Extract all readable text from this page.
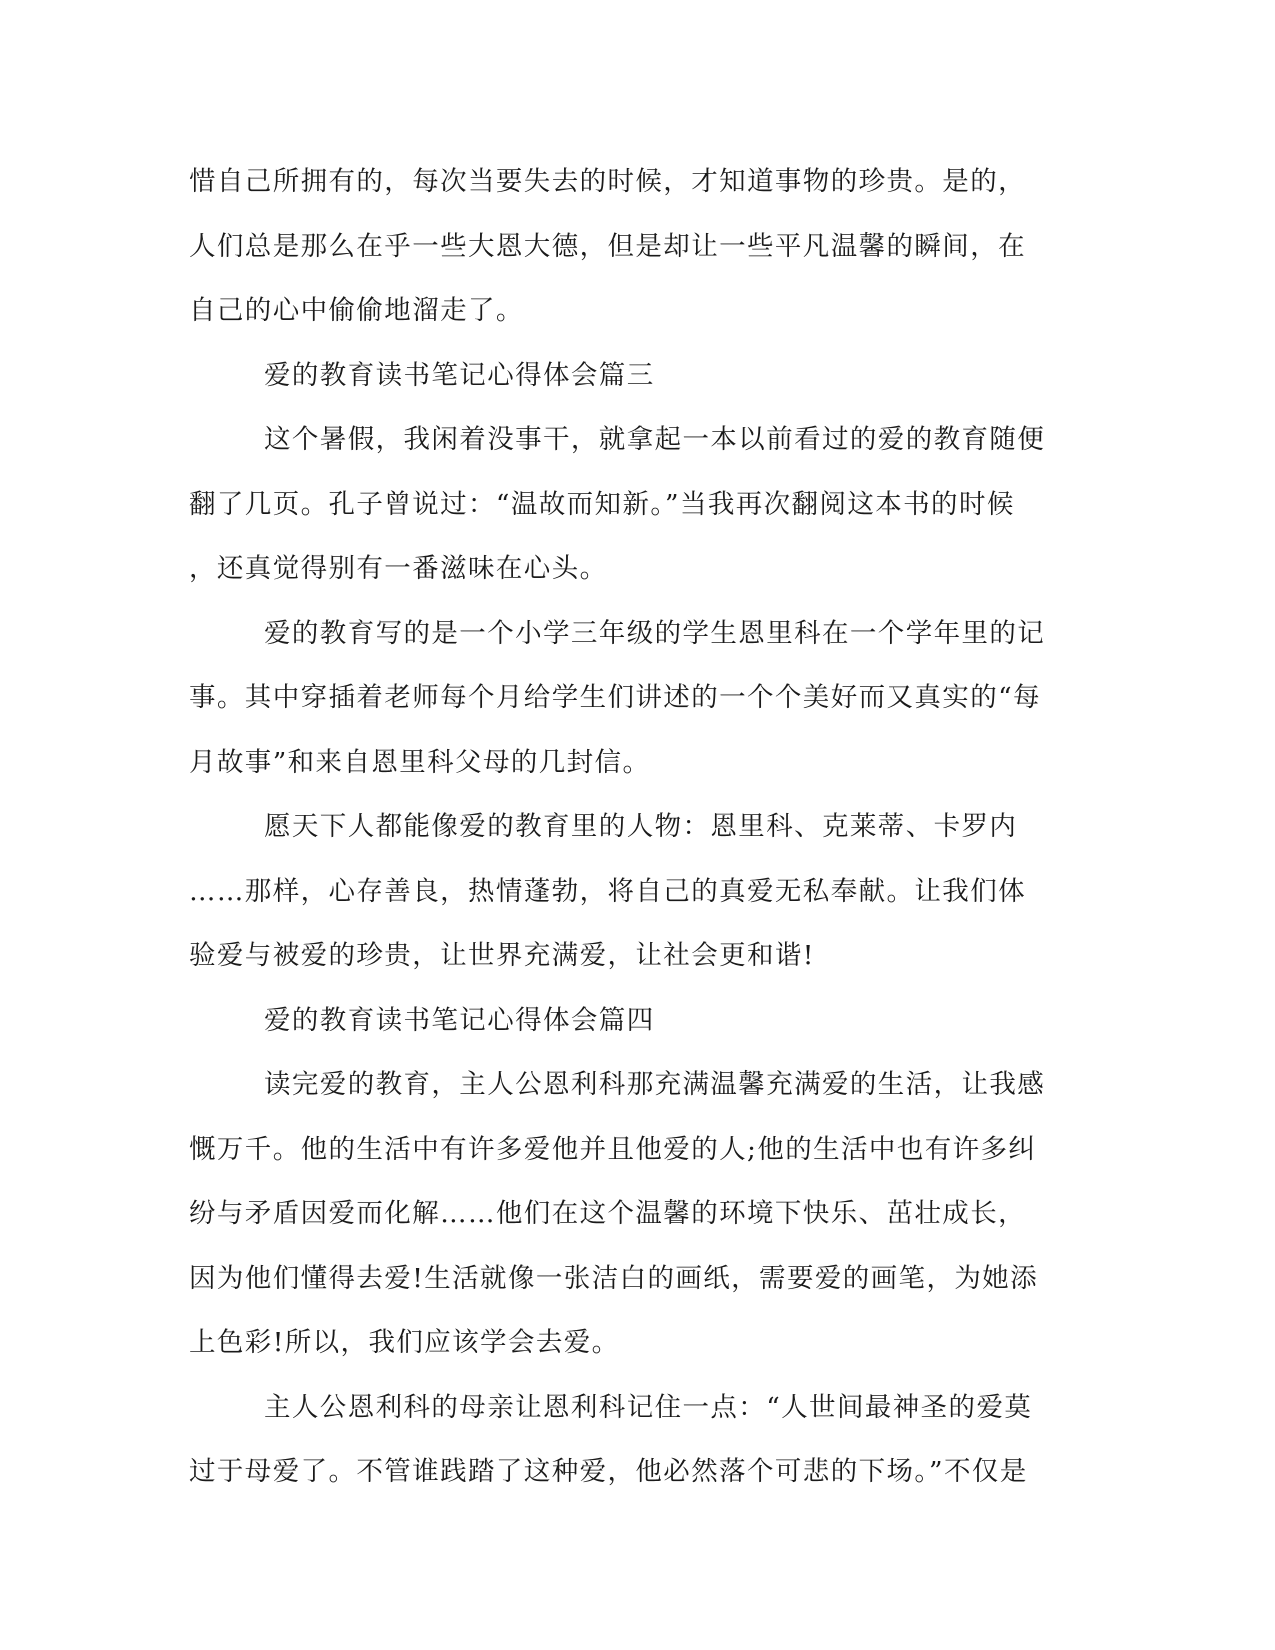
惜自己所拥有的，每次当要失去的时候，才知道事物的珍贵。是的，
人们总是那么在乎一些大恩大德，但是却让一些平凡温馨的瞬间，在
自己的心中偷偷地溜走了。
爱的教育读书笔记心得体会篇三
这个暑假，我闲着没事干，就拿起一本以前看过的爱的教育随便
翻了几页。孔子曾说过：“温故而知新。”当我再次翻阅这本书的时候
，还真觉得别有一番滋味在心头。
爱的教育写的是一个小学三年级的学生恩里科在一个学年里的记
事。其中穿插着老师每个月给学生们讲述的一个个美好而又真实的“每
月故事”和来自恩里科父母的几封信。
愿天下人都能像爱的教育里的人物：恩里科、克莱蒂、卡罗内
……那样，心存善良，热情蓬勃，将自己的真爱无私奉献。让我们体
验爱与被爱的珍贵，让世界充满爱，让社会更和谐!
爱的教育读书笔记心得体会篇四
读完爱的教育，主人公恩利科那充满温馨充满爱的生活，让我感
慨万千。他的生活中有许多爱他并且他爱的人;他的生活中也有许多纠
纷与矛盾因爱而化解……他们在这个温馨的环境下快乐、茁壮成长，
因为他们懂得去爱!生活就像一张洁白的画纸，需要爱的画笔，为她添
上色彩!所以，我们应该学会去爱。
主人公恩利科的母亲让恩利科记住一点：“人世间最神圣的爱莫
过于母爱了。不管谁践踏了这种爱，他必然落个可悲的下场。”不仅是
